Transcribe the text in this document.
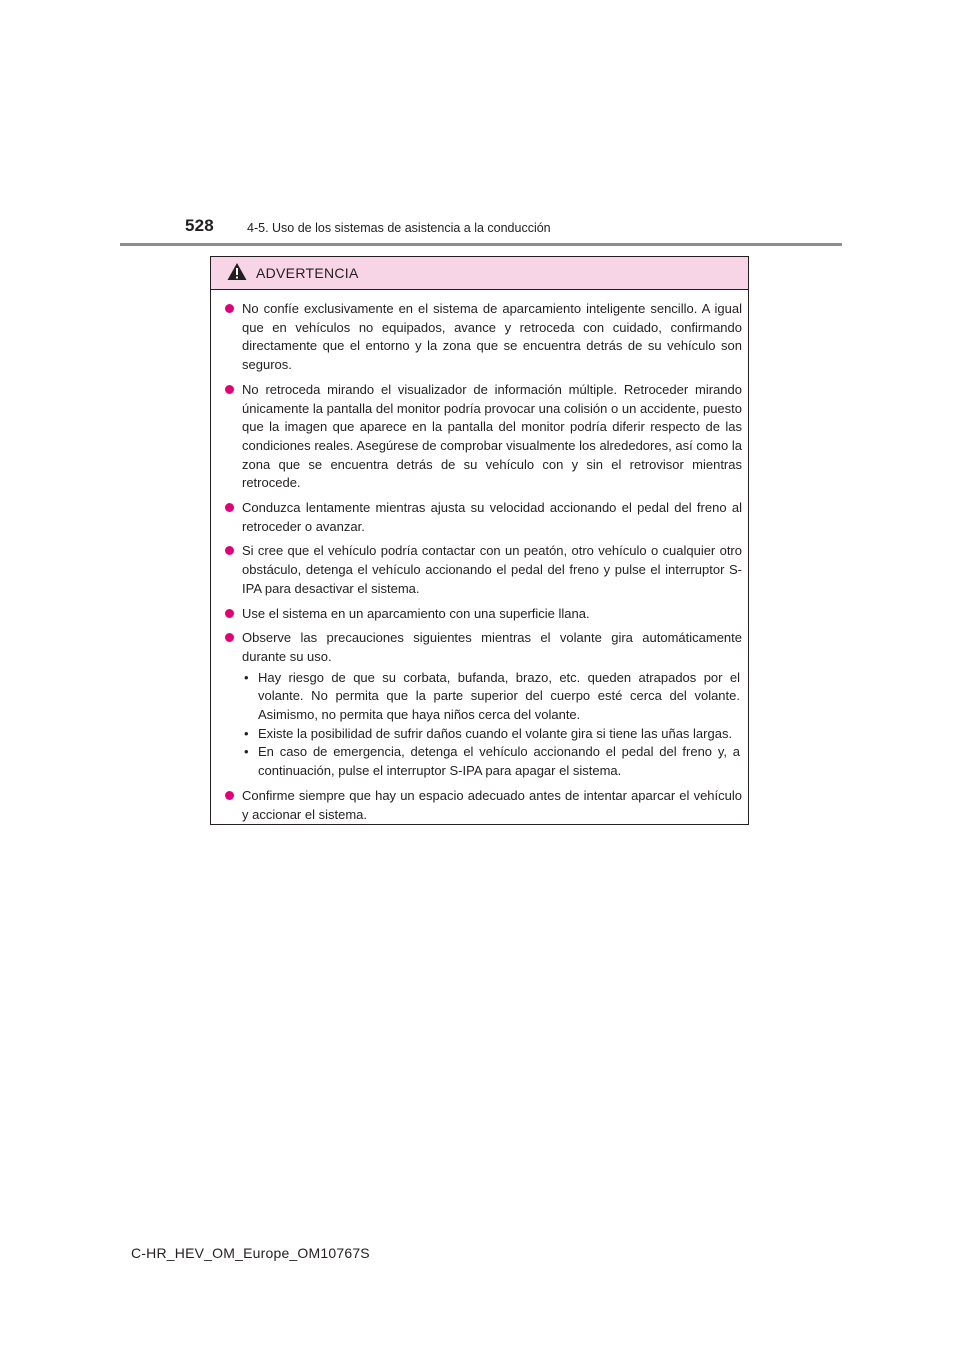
528	4-5. Uso de los sistemas de asistencia a la conducción
ADVERTENCIA
No confíe exclusivamente en el sistema de aparcamiento inteligente sencillo. A igual que en vehículos no equipados, avance y retroceda con cuidado, confirmando directamente que el entorno y la zona que se encuentra detrás de su vehículo son seguros.
No retroceda mirando el visualizador de información múltiple. Retroceder mirando únicamente la pantalla del monitor podría provocar una colisión o un accidente, puesto que la imagen que aparece en la pantalla del monitor podría diferir respecto de las condiciones reales. Asegúrese de comprobar visualmente los alrededores, así como la zona que se encuentra detrás de su vehículo con y sin el retrovisor mientras retrocede.
Conduzca lentamente mientras ajusta su velocidad accionando el pedal del freno al retroceder o avanzar.
Si cree que el vehículo podría contactar con un peatón, otro vehículo o cualquier otro obstáculo, detenga el vehículo accionando el pedal del freno y pulse el interruptor S-IPA para desactivar el sistema.
Use el sistema en un aparcamiento con una superficie llana.
Observe las precauciones siguientes mientras el volante gira automáticamente durante su uso.
• Hay riesgo de que su corbata, bufanda, brazo, etc. queden atrapados por el volante. No permita que la parte superior del cuerpo esté cerca del volante. Asimismo, no permita que haya niños cerca del volante.
• Existe la posibilidad de sufrir daños cuando el volante gira si tiene las uñas largas.
• En caso de emergencia, detenga el vehículo accionando el pedal del freno y, a continuación, pulse el interruptor S-IPA para apagar el sistema.
Confirme siempre que hay un espacio adecuado antes de intentar aparcar el vehículo y accionar el sistema.
C-HR_HEV_OM_Europe_OM10767S
